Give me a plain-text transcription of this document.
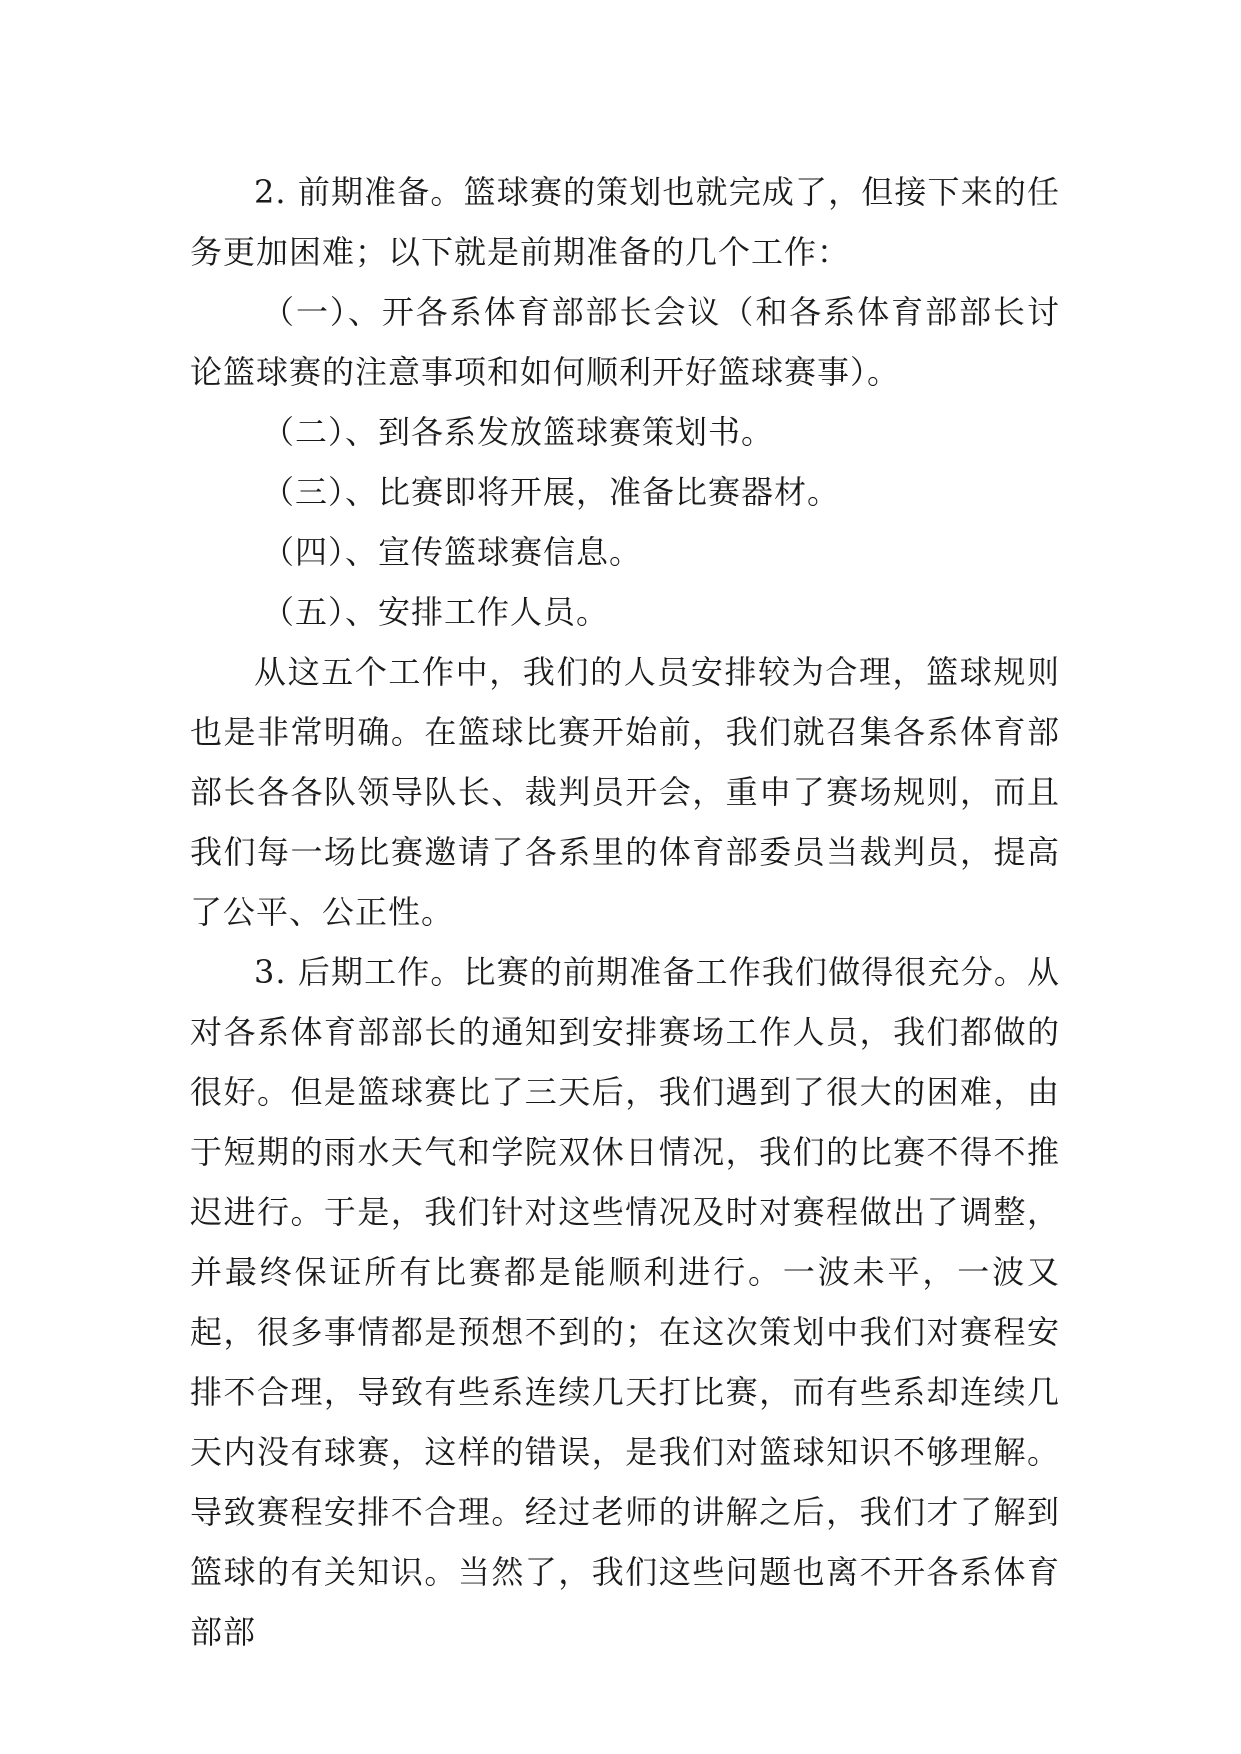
2. 前期准备。篮球赛的策划也就完成了，但接下来的任务更加困难；以下就是前期准备的几个工作：

（一）、开各系体育部部长会议（和各系体育部部长讨论篮球赛的注意事项和如何顺利开好篮球赛事）。

（二）、到各系发放篮球赛策划书。

（三）、比赛即将开展，准备比赛器材。

（四）、宣传篮球赛信息。

（五）、安排工作人员。

从这五个工作中，我们的人员安排较为合理，篮球规则也是非常明确。在篮球比赛开始前，我们就召集各系体育部部长各各队领导队长、裁判员开会，重申了赛场规则，而且我们每一场比赛邀请了各系里的体育部委员当裁判员，提高了公平、公正性。

3. 后期工作。比赛的前期准备工作我们做得很充分。从对各系体育部部长的通知到安排赛场工作人员，我们都做的很好。但是篮球赛比了三天后，我们遇到了很大的困难，由于短期的雨水天气和学院双休日情况，我们的比赛不得不推迟进行。于是，我们针对这些情况及时对赛程做出了调整，并最终保证所有比赛都是能顺利进行。一波未平，一波又起，很多事情都是预想不到的；在这次策划中我们对赛程安排不合理，导致有些系连续几天打比赛，而有些系却连续几天内没有球赛，这样的错误，是我们对篮球知识不够理解。导致赛程安排不合理。经过老师的讲解之后，我们才了解到篮球的有关知识。当然了，我们这些问题也离不开各系体育部部
